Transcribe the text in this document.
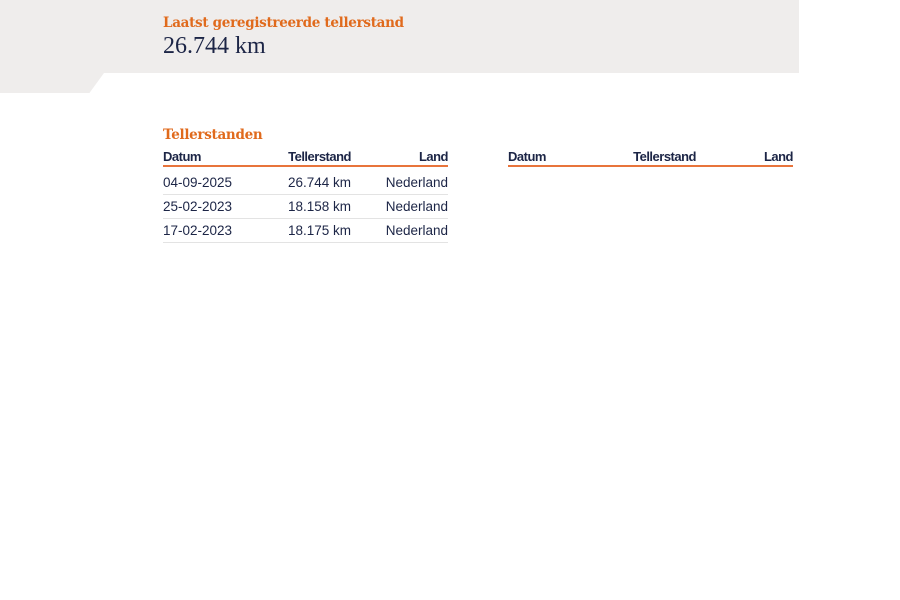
Laatst geregistreerde tellerstand
26.744 km
Tellerstanden
Datum	Tellerstand	Land
04-09-2025	26.744 km	Nederland
25-02-2023	18.158 km	Nederland
17-02-2023	18.175 km	Nederland
Datum	Tellerstand	Land
